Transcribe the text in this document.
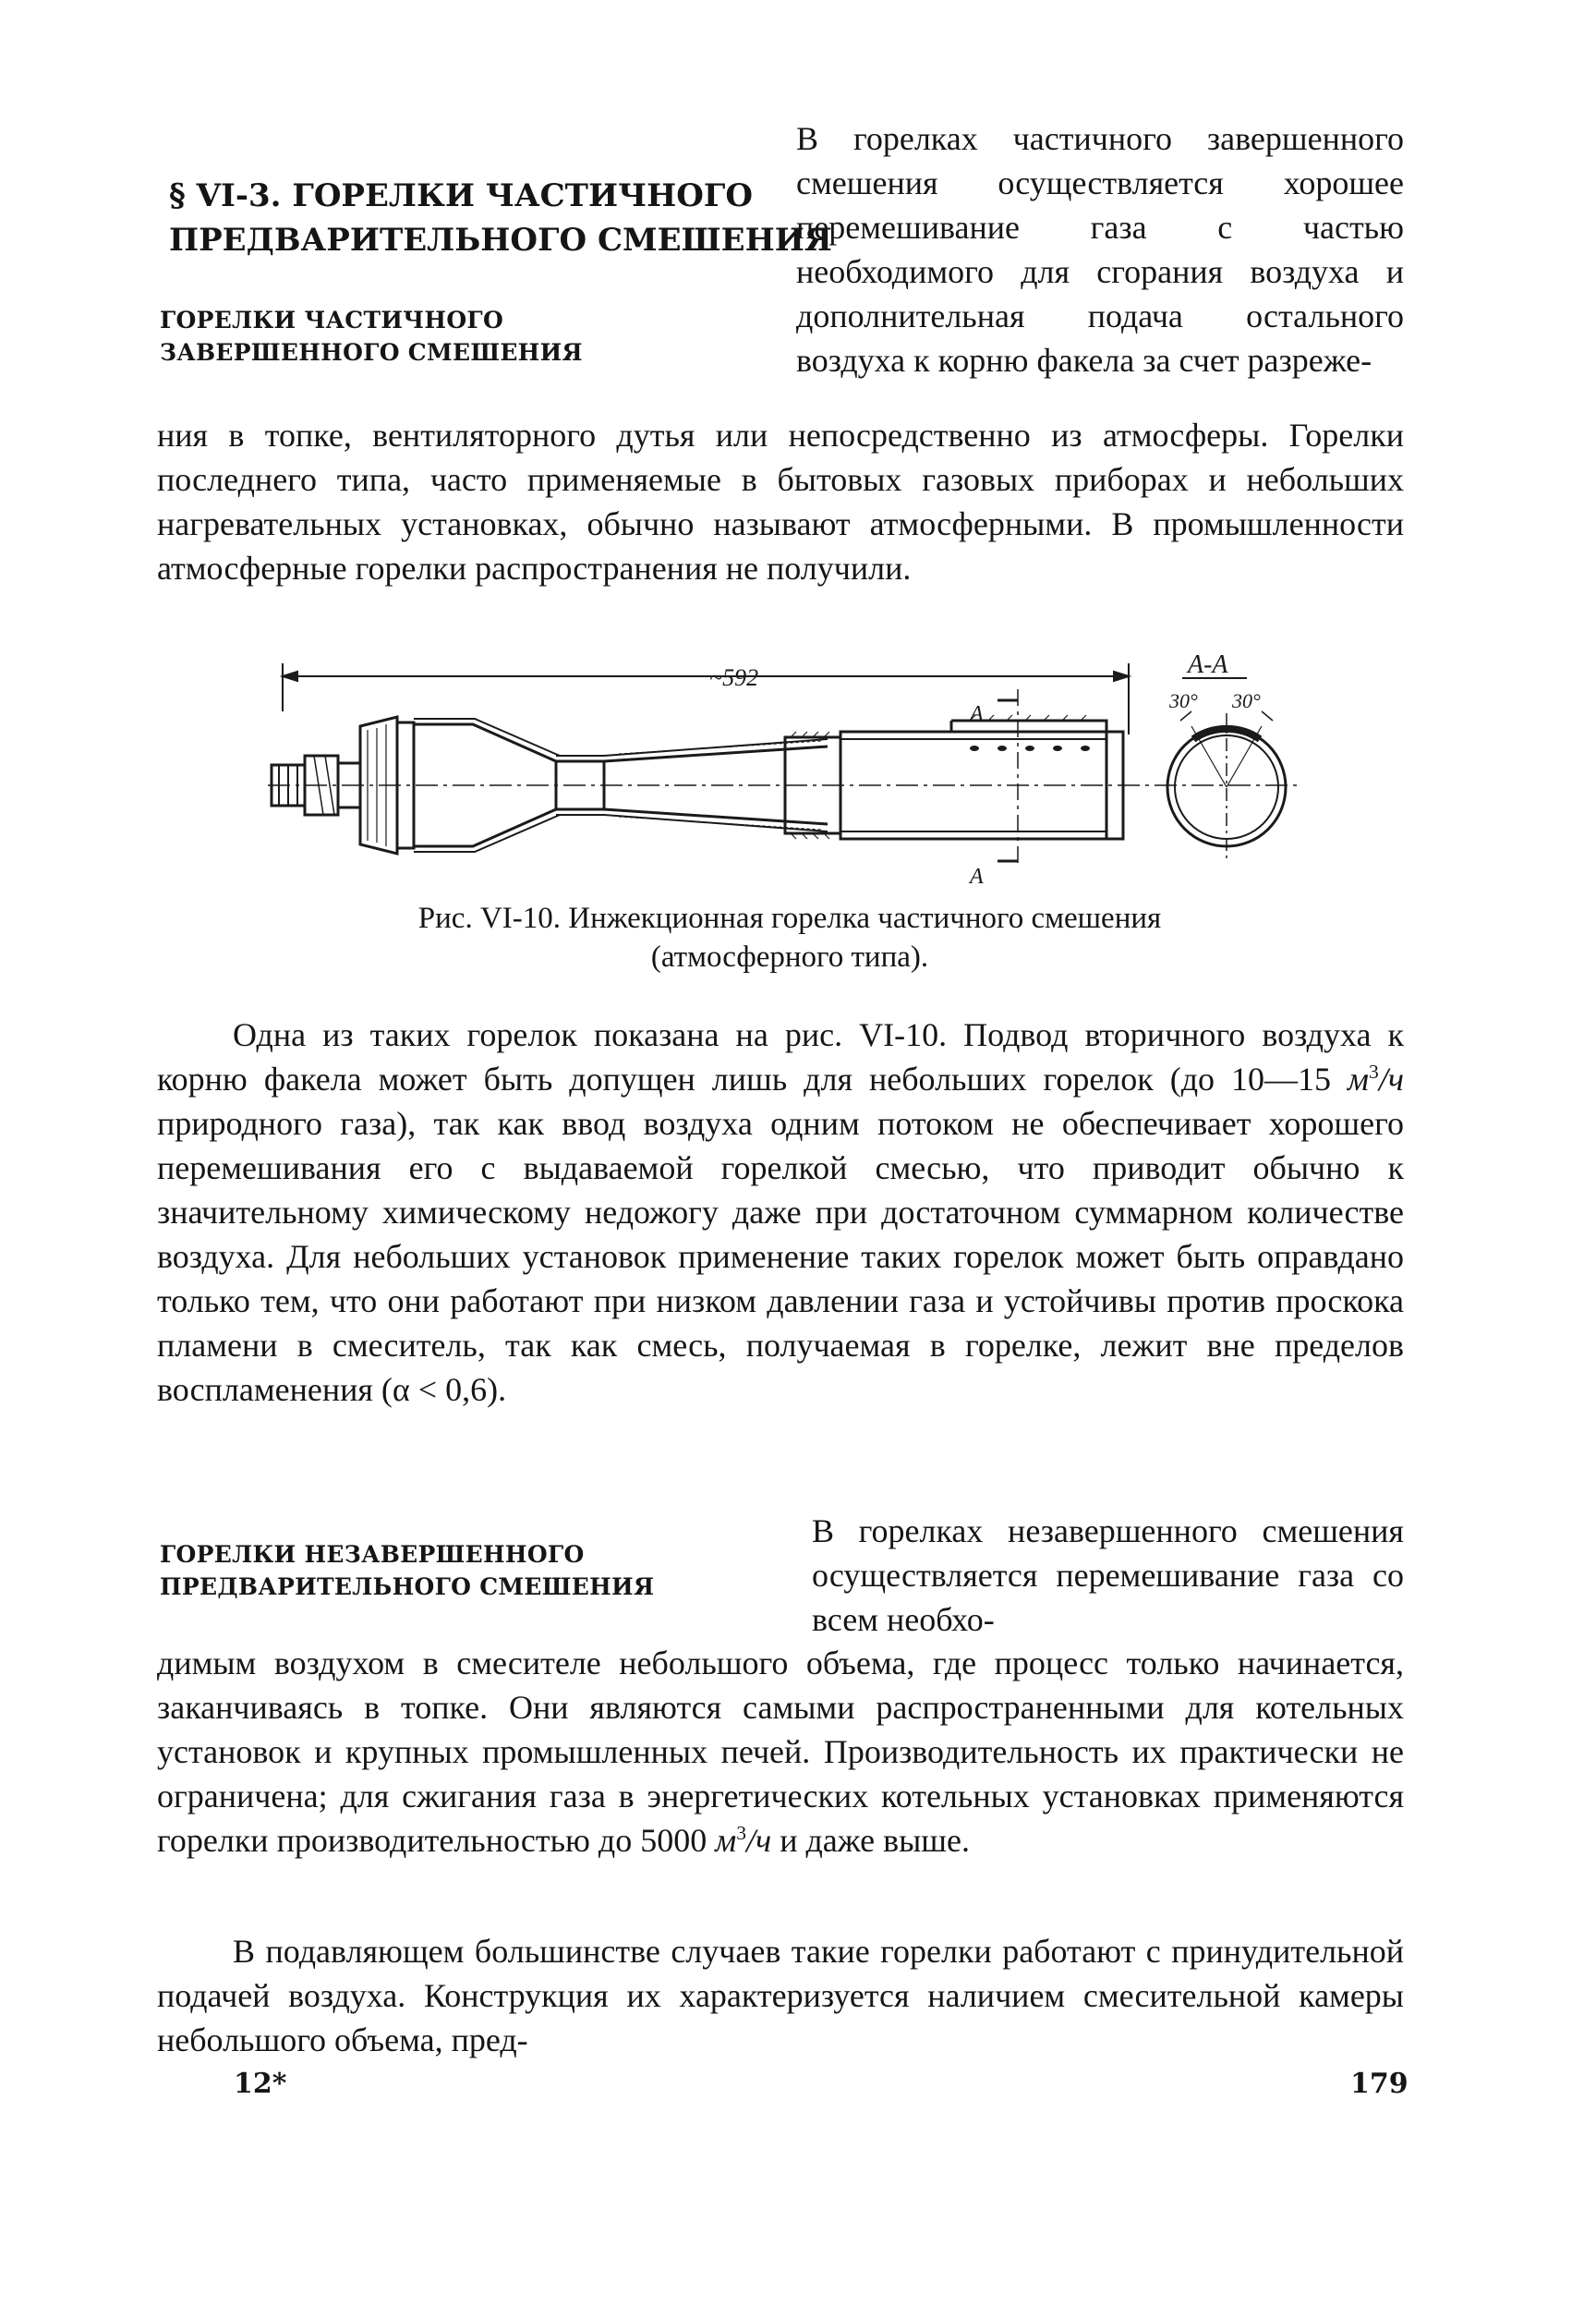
§ VI-3. ГОРЕЛКИ ЧАСТИЧНОГО
ПРЕДВАРИТЕЛЬНОГО СМЕШЕНИЯ
ГОРЕЛКИ ЧАСТИЧНОГО
ЗАВЕРШЕННОГО СМЕШЕНИЯ

В горелках частичного завершенного смешения осуществляется хорошее перемешивание газа с частью необходимого для сгорания воздуха и дополнительная подача остального воздуха к корню факела за счет разреже-

ния в топке, вентиляторного дутья или непосредственно из атмосферы. Горелки последнего типа, часто применяемые в бытовых газовых приборах и небольших нагревательных установках, обычно называют атмосферными. В промышленности атмосферные горелки распространения не получили.

~592
А
А
А-А
30° 30°
Рис. VI-10. Инжекционная горелка частичного смешения
(атмосферного типа).

Одна из таких горелок показана на рис. VI-10. Подвод вторичного воздуха к корню факела может быть допущен лишь для небольших горелок (до 10—15 $м^3/ч$ природного газа), так как ввод воздуха одним потоком не обеспечивает хорошего перемешивания его с выдаваемой горелкой смесью, что приводит обычно к значительному химическому недожогу даже при достаточном суммарном количестве воздуха. Для небольших установок применение таких горелок может быть оправдано только тем, что они работают при низком давлении газа и устойчивы против проскока пламени в смеситель, так как смесь, получаемая в горелке, лежит вне пределов воспламенения (α < 0,6).

ГОРЕЛКИ НЕЗАВЕРШЕННОГО
ПРЕДВАРИТЕЛЬНОГО СМЕШЕНИЯ

В горелках незавершенного смешения осуществляется перемешивание газа со всем необхо-

димым воздухом в смесителе небольшого объема, где процесс только начинается, заканчиваясь в топке. Они являются самыми распространенными для котельных установок и крупных промышленных печей. Производительность их практически не ограничена; для сжигания газа в энергетических котельных установках применяются горелки производительностью до 5000 $м^3/ч$ и даже выше.

В подавляющем большинстве случаев такие горелки работают с принудительной подачей воздуха. Конструкция их характеризуется наличием смесительной камеры небольшого объема, пред-

12*	179
